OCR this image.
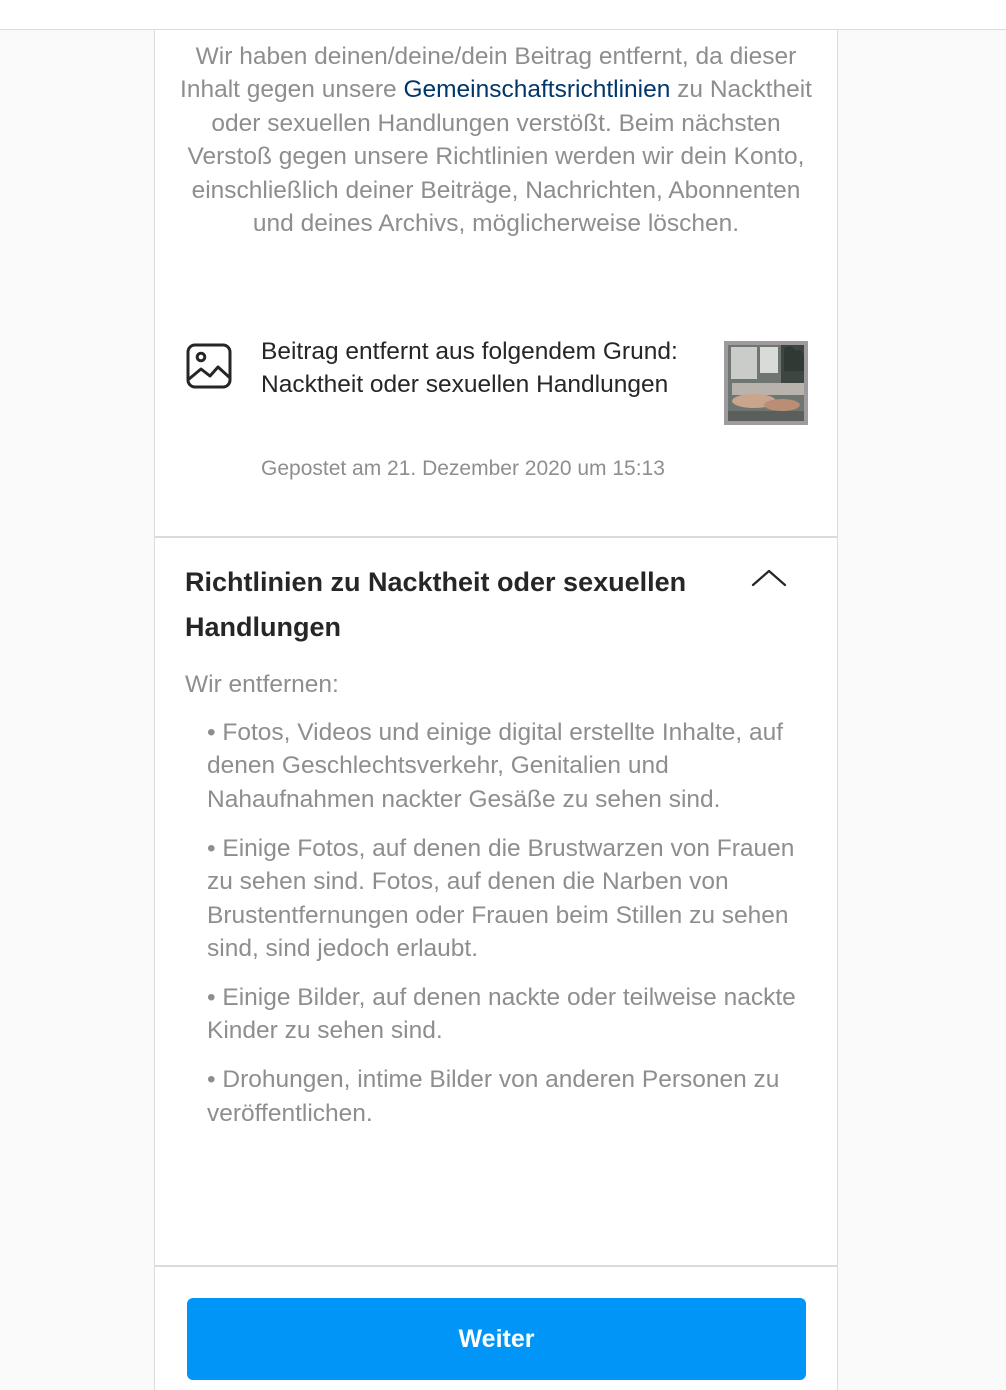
Wir haben deinen/deine/dein Beitrag entfernt, da dieser Inhalt gegen unsere Gemeinschaftsrichtlinien zu Nacktheit oder sexuellen Handlungen verstößt. Beim nächsten Verstoß gegen unsere Richtlinien werden wir dein Konto, einschließlich deiner Beiträge, Nachrichten, Abonnenten und deines Archivs, möglicherweise löschen.

Beitrag entfernt aus folgendem Grund: Nacktheit oder sexuellen Handlungen
Gepostet am 21. Dezember 2020 um 15:13
Richtlinien zu Nacktheit oder sexuellen Handlungen
Wir entfernen:
• Fotos, Videos und einige digital erstellte Inhalte, auf denen Geschlechtsverkehr, Genitalien und Nahaufnahmen nackter Gesäße zu sehen sind.
• Einige Fotos, auf denen die Brustwarzen von Frauen zu sehen sind. Fotos, auf denen die Narben von Brustentfernungen oder Frauen beim Stillen zu sehen sind, sind jedoch erlaubt.
• Einige Bilder, auf denen nackte oder teilweise nackte Kinder zu sehen sind.
• Drohungen, intime Bilder von anderen Personen zu veröffentlichen.
Weiter
